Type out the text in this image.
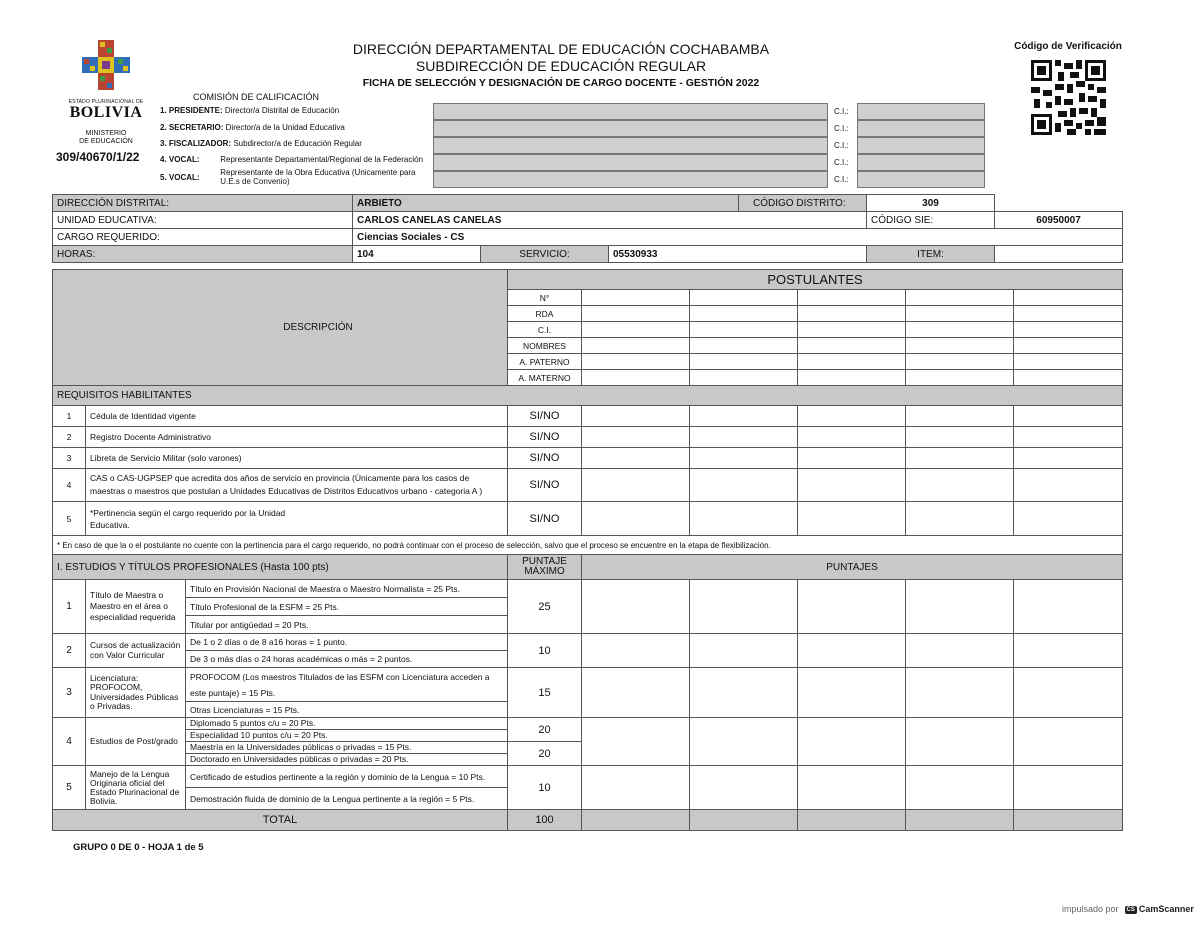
ESTADO PLURINACIONAL DE
BOLIVIA
MINISTERIO
DE EDUCACIÓN
309/40670/1/22
DIRECCIÓN DEPARTAMENTAL DE EDUCACIÓN COCHABAMBA
SUBDIRECCIÓN DE EDUCACIÓN REGULAR
FICHA DE SELECCIÓN Y DESIGNACIÓN DE CARGO DOCENTE - GESTIÓN 2022
Código de Verificación
COMISIÓN DE CALIFICACIÓN
1. PRESIDENTE: Director/a Distrital de Educación
2. SECRETARIO: Director/a de la Unidad Educativa
3. FISCALIZADOR: Subdirector/a de Educación Regular
4. VOCAL:	Representante Departamental/Regional de la Federación
5. VOCAL: Representante de la Obra Educativa (Unicamente para U.E.s de Convenio)
C.I.:
C.I.:
C.I.:
C.I.:
C.I.:
DIRECCIÓN DISTRITAL:	ARBIETO			CÓDIGO DISTRITO:	309	
UNIDAD EDUCATIVA:	CARLOS CANELAS CANELAS				CÓDIGO SIE:	60950007
CARGO REQUERIDO:	Ciencias Sociales - CS					
HORAS:	104	SERVICIO:	05530933		ITEM:	
DESCRIPCIÓN			POSTULANTES					
			N°					
			RDA					
			C.I.					
			NOMBRES					
			A. PATERNO					
			A. MATERNO					
REQUISITOS HABILITANTES								
1	Cédula de Identidad vigente		SI/NO					
2	Registro Docente Administrativo		SI/NO					
3	Libreta de Servicio Militar (solo varones)		SI/NO					
4	CAS o CAS-UGPSEP que acredita dos años de servicio en provincia (Únicamente para los casos de maestras o maestros que postulan a Unidades Educativas de Distritos Educativos urbano - categoria A )		SI/NO					
5	*Pertinencia según el cargo requerido por la Unidad Educativa.		SI/NO					
* En caso de que la o el postulante no cuente con la pertinencia para el cargo requerido, no podrá continuar con el proceso de selección, salvo que el proceso se encuentre en la etapa de flexibilización.								
I. ESTUDIOS Y TÍTULOS PROFESIONALES (Hasta 100 pts)			PUNTAJE MÁXIMO	PUNTAJES				
1	Título de Maestra o Maestro en el área o especialidad requerida	Título en Provisión Nacional de Maestra o Maestro Normalista = 25 Pts.	25					
		Título Profesional de la ESFM = 25 Pts.						
		Titular por antigüedad = 20 Pts.						
2	Cursos de actualización con Valor Curricular	De 1 o 2 días o de 8 a16 horas = 1 punto.	10					
		De 3 o más días o 24 horas académicas o más = 2 puntos.						
3	Licenciatura: PROFOCOM, Universidades Públicas o Privadas.	PROFOCOM (Los maestros Titulados de las ESFM con Licenciatura acceden a este puntaje) = 15 Pts.	15					
		Otras Licenciaturas = 15 Pts.						
4	Estudios de Post/grado	Diplomado 5 puntos c/u = 20 Pts.	20					
		Especialidad 10 puntos c/u = 20 Pts.						
		Maestría en la Universidades públicas o privadas = 15 Pts.	20					
		Doctorado en Universidades públicas o privadas = 20 Pts.						
5	Manejo de la Lengua Originaria oficial del Estado Plurinacional de Bolivia.	Certificado de estudios pertinente a la región y dominio de la Lengua = 10 Pts.	10					
		Demostración fluida de dominio de la Lengua pertinente a la región = 5 Pts.						
TOTAL			100					
GRUPO 0 DE 0 - HOJA 1 de 5
impulsado por CS CamScanner
